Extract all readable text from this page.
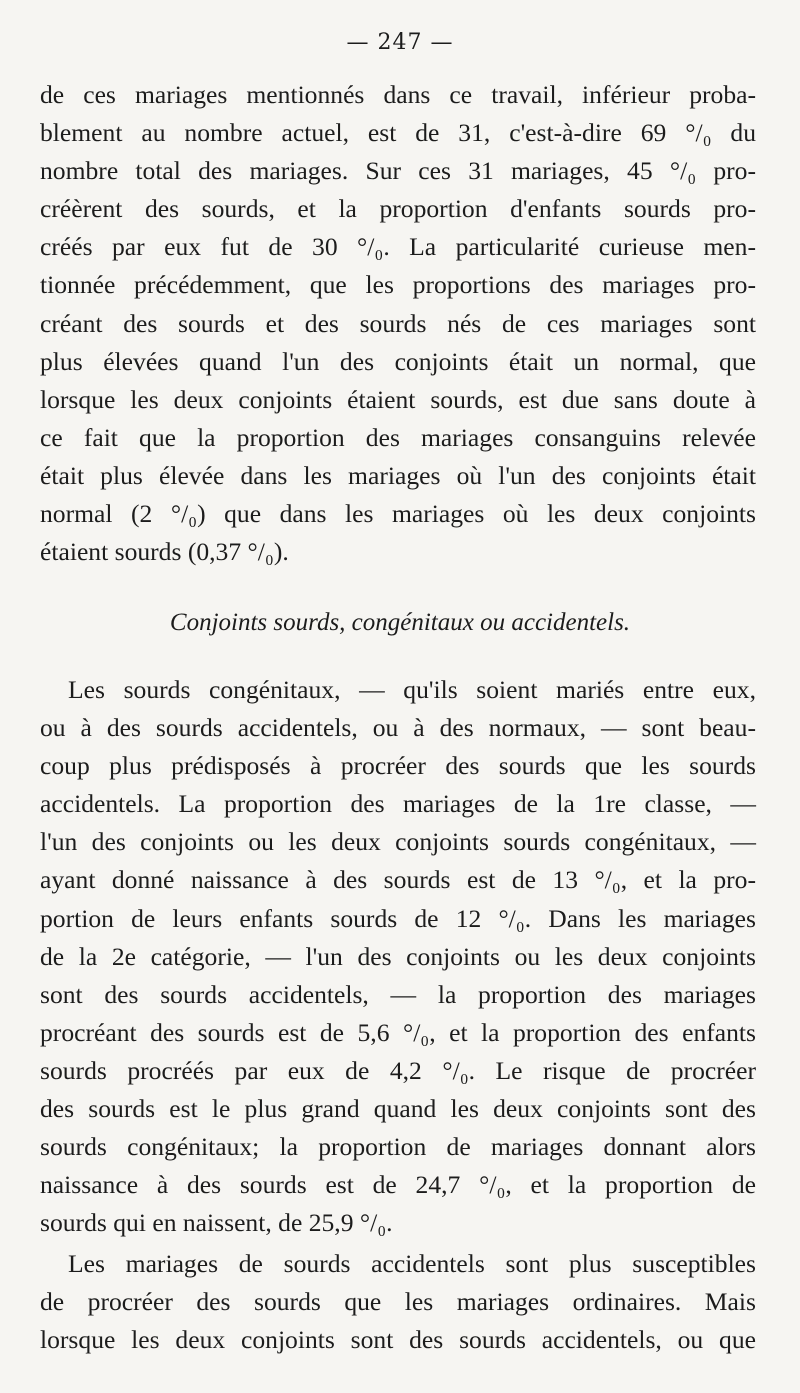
— 247 —
de ces mariages mentionnés dans ce travail, inférieur proba-
blement au nombre actuel, est de 31, c'est-à-dire 69 °/₀ du
nombre total des mariages. Sur ces 31 mariages, 45 °/₀ pro-
créèrent des sourds, et la proportion d'enfants sourds pro-
créés par eux fut de 30 °/₀. La particularité curieuse men-
tionnée précédemment, que les proportions des mariages pro-
créant des sourds et des sourds nés de ces mariages sont
plus élevées quand l'un des conjoints était un normal, que
lorsque les deux conjoints étaient sourds, est due sans doute à
ce fait que la proportion des mariages consanguins relevée
était plus élevée dans les mariages où l'un des conjoints était
normal (2 °/₀) que dans les mariages où les deux conjoints
étaient sourds (0,37 °/₀).
Conjoints sourds, congénitaux ou accidentels.
Les sourds congénitaux, — qu'ils soient mariés entre eux,
ou à des sourds accidentels, ou à des normaux, — sont beau-
coup plus prédisposés à procréer des sourds que les sourds
accidentels. La proportion des mariages de la 1re classe, —
l'un des conjoints ou les deux conjoints sourds congénitaux, —
ayant donné naissance à des sourds est de 13 °/₀, et la pro-
portion de leurs enfants sourds de 12 °/₀. Dans les mariages
de la 2e catégorie, — l'un des conjoints ou les deux conjoints
sont des sourds accidentels, — la proportion des mariages
procréant des sourds est de 5,6 °/₀, et la proportion des enfants
sourds procréés par eux de 4,2 °/₀. Le risque de procréer
des sourds est le plus grand quand les deux conjoints sont des
sourds congénitaux; la proportion de mariages donnant alors
naissance à des sourds est de 24,7 °/₀, et la proportion de
sourds qui en naissent, de 25,9 °/₀.
Les mariages de sourds accidentels sont plus susceptibles
de procréer des sourds que les mariages ordinaires. Mais
lorsque les deux conjoints sont des sourds accidentels, ou que
